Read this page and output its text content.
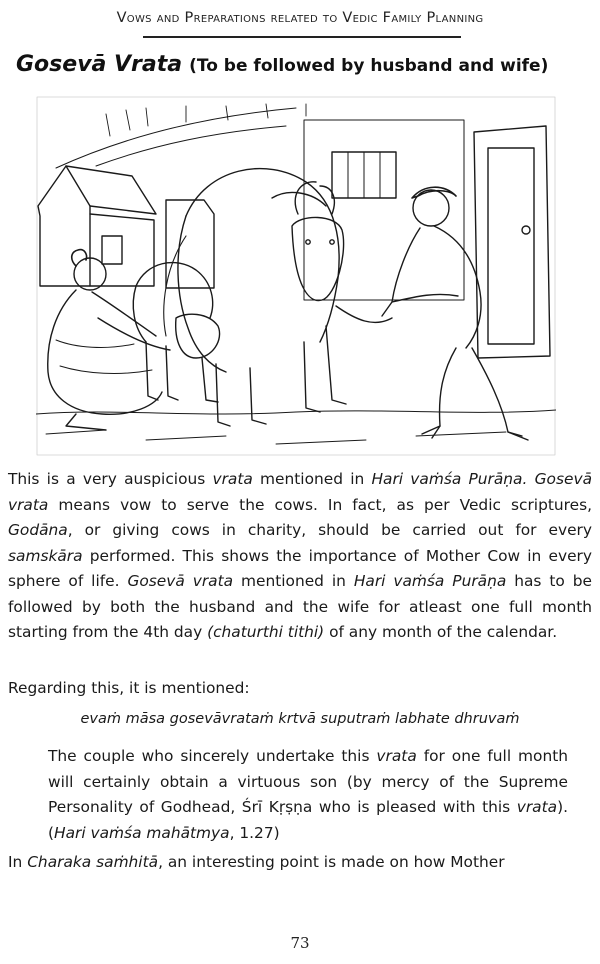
Vows and Preparations related to Vedic Family Planning
Gosevā Vrata (To be followed by husband and wife)
This is a very auspicious vrata mentioned in Hari vaṁśa Purāṇa. Gosevā vrata means vow to serve the cows. In fact, as per Vedic scriptures, Godāna, or giving cows in charity, should be carried out for every samskāra performed. This shows the importance of Mother Cow in every sphere of life. Gosevā vrata mentioned in Hari vaṁśa Purāṇa has to be followed by both the husband and the wife for atleast one full month starting from the 4th day (chaturthi tithi) of any month of the calendar.
Regarding this, it is mentioned:
evaṁ māsa gosevāvrataṁ krtvā suputraṁ labhate dhruvaṁ
The couple who sincerely undertake this vrata for one full month will certainly obtain a virtuous son (by mercy of the Supreme Personality of Godhead, Śrī Kṛṣṇa who is pleased with this vrata). (Hari vaṁśa mahātmya, 1.27)
In Charaka saṁhitā, an interesting point is made on how Mother
73
